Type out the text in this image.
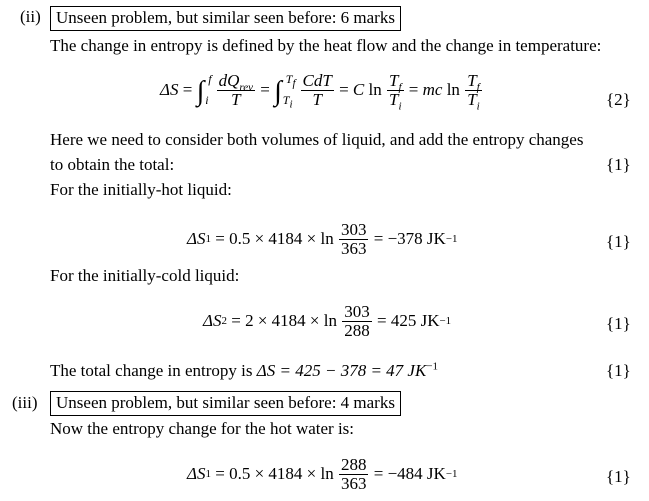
(ii) Unseen problem, but similar seen before: 6 marks
The change in entropy is defined by the heat flow and the change in temperature:
ΔS = ∫ f
i $\frac{dQ_{rev}}{T}$ = ∫ $T_f$
$T_i \frac{\text{CdT}}{T} = C$ $\ln \frac{T_f}{T_i}$ = mc $\ln \frac{T_f}{T_i}$	{2}
Here we need to consider both volumes of liquid, and add the entropy changes
to obtain the total:	{1}
For the initially-hot liquid:
ΔS $1 = 0.5 \times 4184 \times \ln \frac{303}{363} = -378$ JK −1	{1}
For the initially-cold liquid:
ΔS $2 = 2 \times 4184 \times \ln \frac{303}{288} = 425$ JK −1	{1}
The total change in entropy is ΔS = 425 − 378 = 47 $JK^{-1}$	{1}
(iii)	Unseen problem, but similar seen before: 4 marks
Now the entropy change for the hot water is:
ΔS $1 = 0.5 \times 4184 \times \ln \frac{288}{363} = -484$ JK −1	{1}
